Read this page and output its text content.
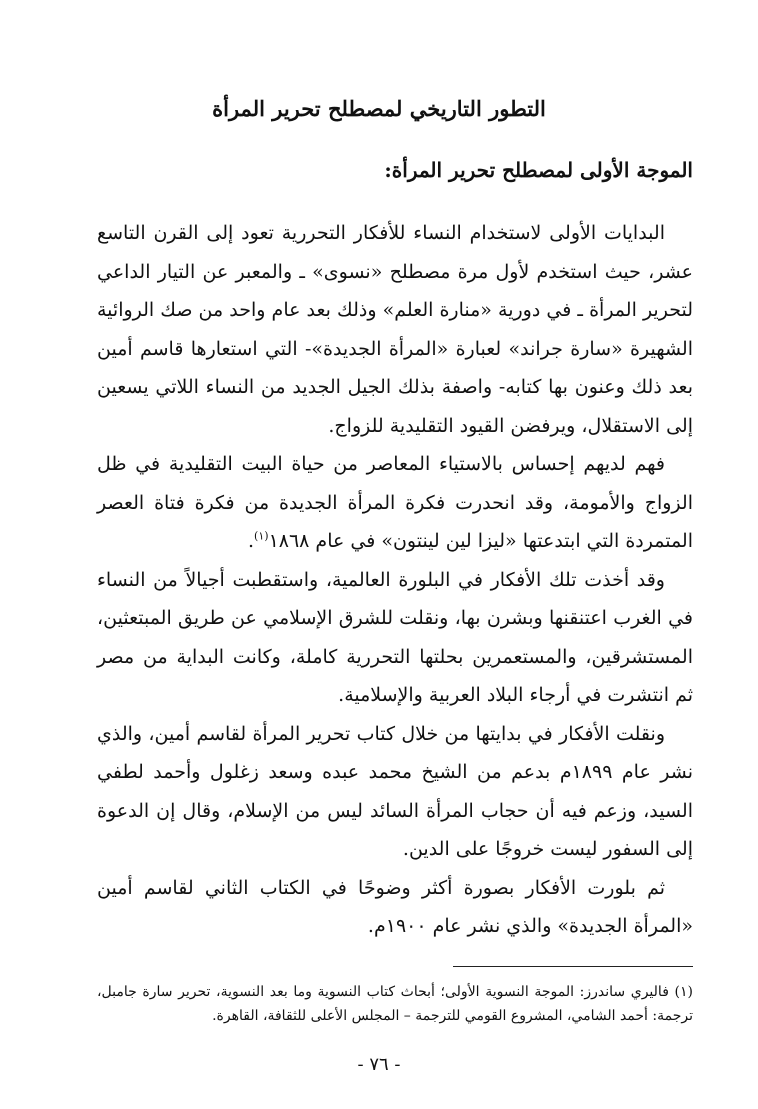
التطور التاريخي لمصطلح تحرير المرأة
الموجة الأولى لمصطلح تحرير المرأة:

البدايات الأولى لاستخدام النساء للأفكار التحررية تعود إلى القرن التاسع عشر، حيث استخدم لأول مرة مصطلح «نسوى» ـ والمعبر عن التيار الداعي لتحرير المرأة ـ في دورية «منارة العلم» وذلك بعد عام واحد من صك الروائية الشهيرة «سارة جراند» لعبارة «المرأة الجديدة»- التي استعارها قاسم أمين بعد ذلك وعنون بها كتابه- واصفة بذلك الجيل الجديد من النساء اللاتي يسعين إلى الاستقلال، ويرفضن القيود التقليدية للزواج.

فهم لديهم إحساس بالاستياء المعاصر من حياة البيت التقليدية في ظل الزواج والأمومة، وقد انحدرت فكرة المرأة الجديدة من فكرة فتاة العصر المتمردة التي ابتدعتها «ليزا لين لينتون» في عام ١٨٦٨$^{(١)}$.

وقد أخذت تلك الأفكار في البلورة العالمية، واستقطبت أجيالاً من النساء في الغرب اعتنقنها وبشرن بها، ونقلت للشرق الإسلامي عن طريق المبتعثين، المستشرقين، والمستعمرين بحلتها التحررية كاملة، وكانت البداية من مصر ثم انتشرت في أرجاء البلاد العربية والإسلامية.

ونقلت الأفكار في بدايتها من خلال كتاب تحرير المرأة لقاسم أمين، والذي نشر عام ١٨٩٩م بدعم من الشيخ محمد عبده وسعد زغلول وأحمد لطفي السيد، وزعم فيه أن حجاب المرأة السائد ليس من الإسلام، وقال إن الدعوة إلى السفور ليست خروجًا على الدين.

ثم بلورت الأفكار بصورة أكثر وضوحًا في الكتاب الثاني لقاسم أمين «المرأة الجديدة» والذي نشر عام ١٩٠٠م.

(١) فاليري ساندرز: الموجة النسوية الأولى؛ أبحاث كتاب النسوية وما بعد النسوية، تحرير سارة جامبل، ترجمة: أحمد الشامي، المشروع القومي للترجمة – المجلس الأعلى للثقافة، القاهرة.

- ٧٦ -
